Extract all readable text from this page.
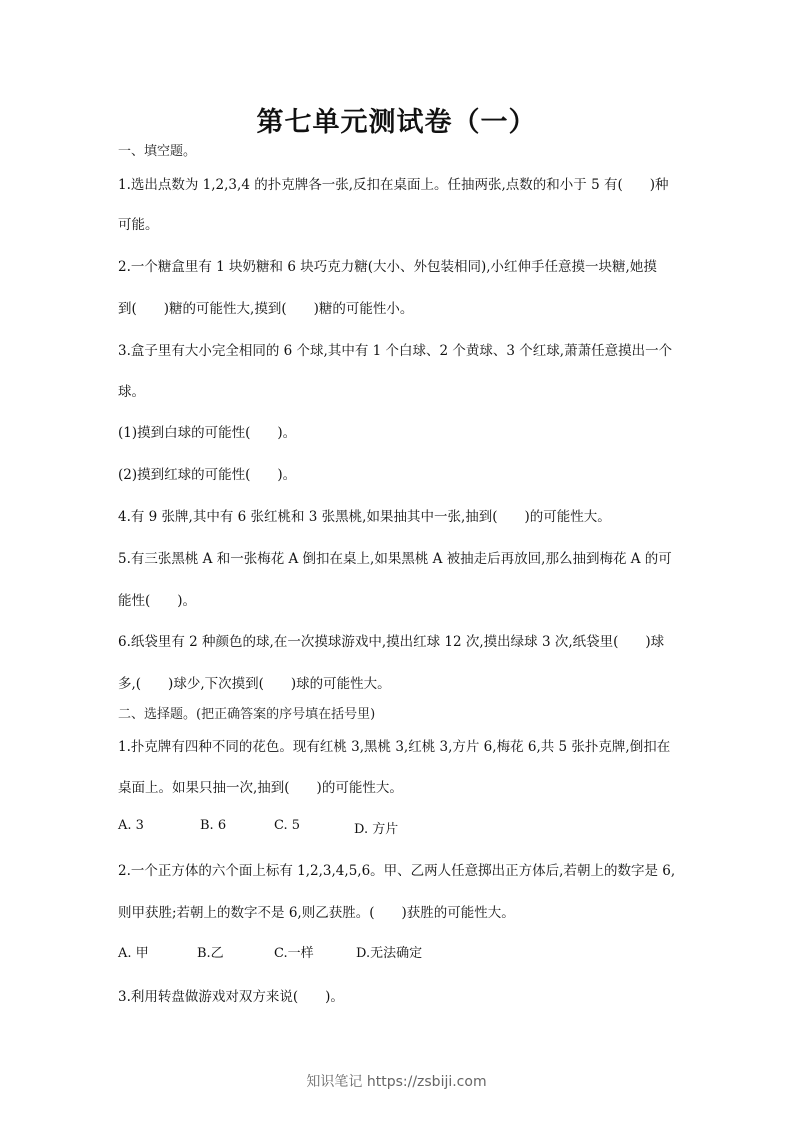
第七单元测试卷（一）
一、填空题。
1.选出点数为 1,2,3,4 的扑克牌各一张,反扣在桌面上。任抽两张,点数的和小于 5 有(　　)种
可能。
2.一个糖盒里有 1 块奶糖和 6 块巧克力糖(大小、外包装相同),小红伸手任意摸一块糖,她摸
到(　　)糖的可能性大,摸到(　　)糖的可能性小。
3.盒子里有大小完全相同的 6 个球,其中有 1 个白球、2 个黄球、3 个红球,萧萧任意摸出一个
球。
(1)摸到白球的可能性(　　)。
(2)摸到红球的可能性(　　)。
4.有 9 张牌,其中有 6 张红桃和 3 张黑桃,如果抽其中一张,抽到(　　)的可能性大。
5.有三张黑桃 A 和一张梅花 A 倒扣在桌上,如果黑桃 A 被抽走后再放回,那么抽到梅花 A 的可
能性(　　)。
6.纸袋里有 2 种颜色的球,在一次摸球游戏中,摸出红球 12 次,摸出绿球 3 次,纸袋里(　　)球
多,(　　)球少,下次摸到(　　)球的可能性大。
二、选择题。(把正确答案的序号填在括号里)
1.扑克牌有四种不同的花色。现有红桃 3,黑桃 3,红桃 3,方片 6,梅花 6,共 5 张扑克牌,倒扣在
桌面上。如果只抽一次,抽到(　　)的可能性大。
A. 3	B. 6	C. 5	D. 方片
2.一个正方体的六个面上标有 1,2,3,4,5,6。甲、乙两人任意掷出正方体后,若朝上的数字是 6,
则甲获胜;若朝上的数字不是 6,则乙获胜。(　　)获胜的可能性大。
A. 甲	B.乙	C.一样	D.无法确定
3.利用转盘做游戏对双方来说(　　)。
知识笔记 https://zsbiji.com
